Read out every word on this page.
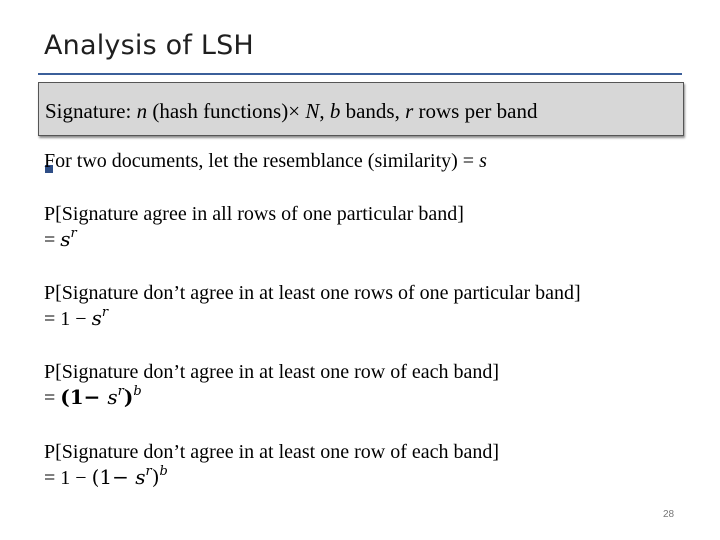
Analysis of LSH
Signature: n (hash functions)× N, b bands, r rows per band
For two documents, let the resemblance (similarity) = s
P[Signature agree in all rows of one particular band]
= $s^r$
P[Signature don’t agree in at least one rows of one particular band]
= $1 - s^r$
P[Signature don’t agree in at least one row of each band]
= $(1- s^r)^b$
P[Signature don’t agree in at least one row of each band]
= $1 - (1- s^r)^b$
28
